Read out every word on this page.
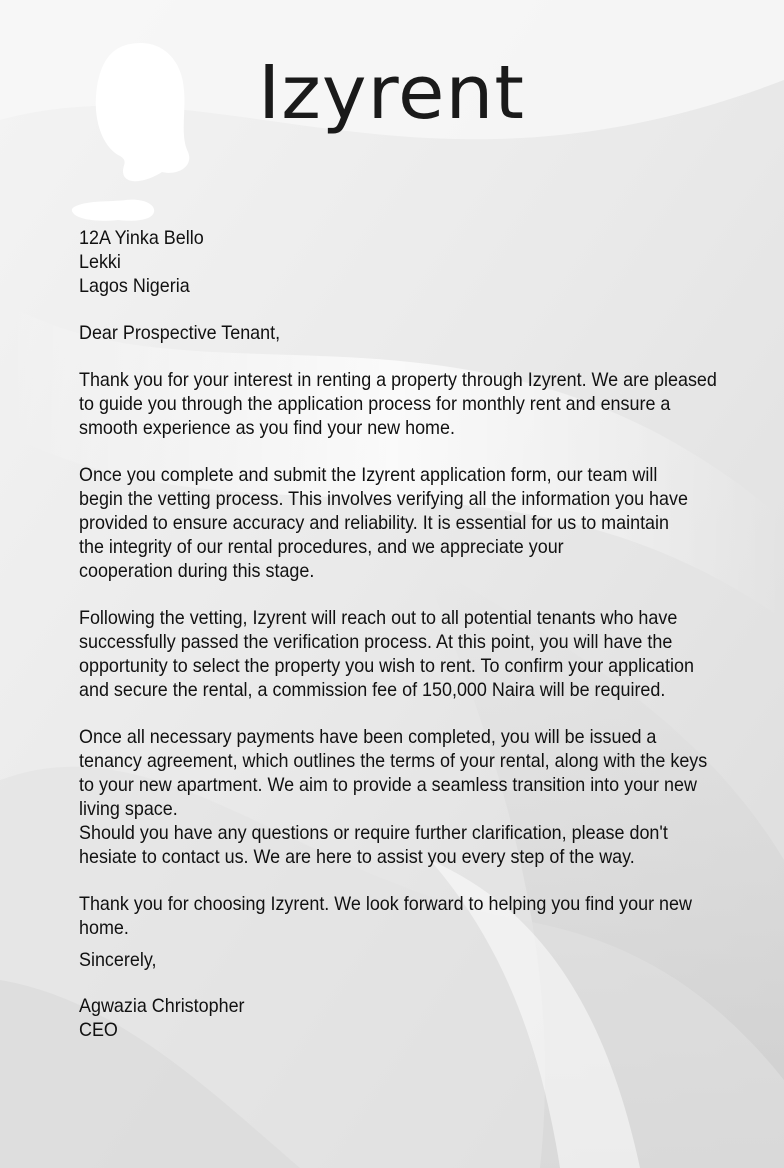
Izyrent
12A Yinka Bello
Lekki
Lagos Nigeria
Dear Prospective Tenant,
Thank you for your interest in renting a property through Izyrent. We are pleased
to guide you through the application process for monthly rent and ensure a
smooth experience as you find your new home.
Once you complete and submit the Izyrent application form, our team will
begin the vetting process. This involves verifying all the information you have
provided to ensure accuracy and reliability. It is essential for us to maintain
the integrity of our rental procedures, and we appreciate your
cooperation during this stage.
Following the vetting, Izyrent will reach out to all potential tenants who have
successfully passed the verification process. At this point, you will have the
opportunity to select the property you wish to rent. To confirm your application
and secure the rental, a commission fee of 150,000 Naira will be required.
Once all necessary payments have been completed, you will be issued a
tenancy agreement, which outlines the terms of your rental, along with the keys
to your new apartment. We aim to provide a seamless transition into your new
living space.
Should you have any questions or require further clarification, please don't
hesiate to contact us. We are here to assist you every step of the way.
Thank you for choosing Izyrent. We look forward to helping you find your new
home.
Sincerely,
Agwazia Christopher
CEO
